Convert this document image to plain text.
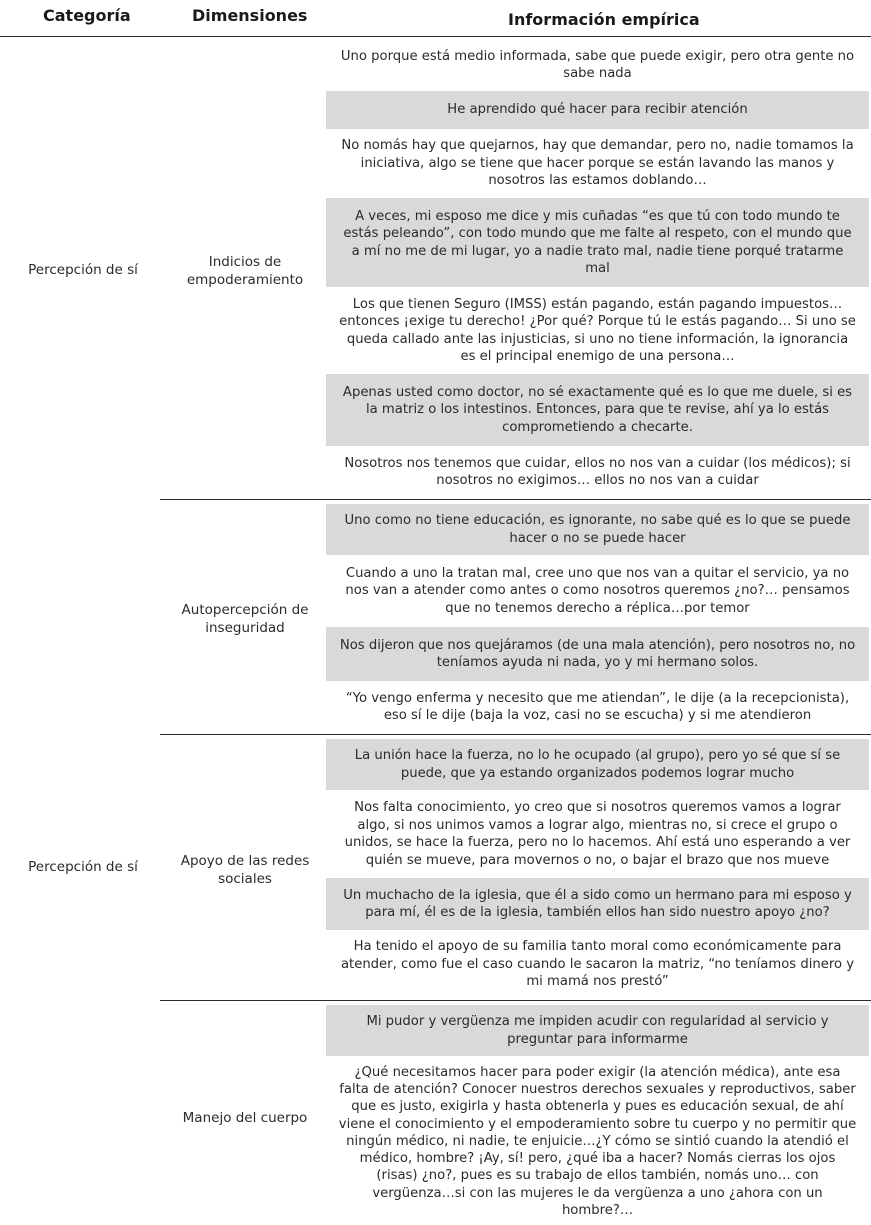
Categoría	Dimensiones	Información empírica
Percepción de sí
Percepción de sí
Indicios de empoderamiento
Autopercepción de inseguridad
Apoyo de las redes sociales
Manejo del cuerpo
Uno porque está medio informada, sabe que puede exigir, pero otra gente no sabe nada
He aprendido qué hacer para recibir atención
No nomás hay que quejarnos, hay que demandar, pero no, nadie tomamos la iniciativa, algo se tiene que hacer porque se están lavando las manos y nosotros las estamos doblando…
A veces, mi esposo me dice y mis cuñadas “es que tú con todo mundo te estás peleando”, con todo mundo que me falte al respeto, con el mundo que a mí no me de mi lugar, yo a nadie trato mal, nadie tiene porqué tratarme mal
Los que tienen Seguro (IMSS) están pagando, están pagando impuestos… entonces ¡exige tu derecho! ¿Por qué? Porque tú le estás pagando… Si uno se queda callado ante las injusticias, si uno no tiene información, la ignorancia es el principal enemigo de una persona…
Apenas usted como doctor, no sé exactamente qué es lo que me duele, si es la matriz o los intestinos. Entonces, para que te revise, ahí ya lo estás comprometiendo a checarte.
Nosotros nos tenemos que cuidar, ellos no nos van a cuidar (los médicos); si nosotros no exigimos… ellos no nos van a cuidar
Uno como no tiene educación, es ignorante, no sabe qué es lo que se puede hacer o no se puede hacer
Cuando a uno la tratan mal, cree uno que nos van a quitar el servicio, ya no nos van a atender como antes o como nosotros queremos ¿no?… pensamos que no tenemos derecho a réplica…por temor
Nos dijeron que nos quejáramos (de una mala atención), pero nosotros no, no teníamos ayuda ni nada, yo y mi hermano solos.
“Yo vengo enferma y necesito que me atiendan”, le dije (a la recepcionista), eso sí le dije (baja la voz, casi no se escucha) y si me atendieron
La unión hace la fuerza, no lo he ocupado (al grupo), pero yo sé que sí se puede, que ya estando organizados podemos lograr mucho
Nos falta conocimiento, yo creo que si nosotros queremos vamos a lograr algo, si nos unimos vamos a lograr algo, mientras no, si crece el grupo o unidos, se hace la fuerza, pero no lo hacemos. Ahí está uno esperando a ver quién se mueve, para movernos o no, o bajar el brazo que nos mueve
Un muchacho de la iglesia, que él a sido como un hermano para mi esposo y para mí, él es de la iglesia, también ellos han sido nuestro apoyo ¿no?
Ha tenido el apoyo de su familia tanto moral como económicamente para atender, como fue el caso cuando le sacaron la matriz, “no teníamos dinero y mi mamá nos prestó”
Mi pudor y vergüenza me impiden acudir con regularidad al servicio y preguntar para informarme
¿Qué necesitamos hacer para poder exigir (la atención médica), ante esa falta de atención? Conocer nuestros derechos sexuales y reproductivos, saber que es justo, exigirla y hasta obtenerla y pues es educación sexual, de ahí viene el conocimiento y el empoderamiento sobre tu cuerpo y no permitir que ningún médico, ni nadie, te enjuicie…¿Y cómo se sintió cuando la atendió el médico, hombre? ¡Ay, sí! pero, ¿qué iba a hacer? Nomás cierras los ojos (risas) ¿no?, pues es su trabajo de ellos también, nomás uno… con vergüenza…si con las mujeres le da vergüenza a uno ¿ahora con un hombre?…
